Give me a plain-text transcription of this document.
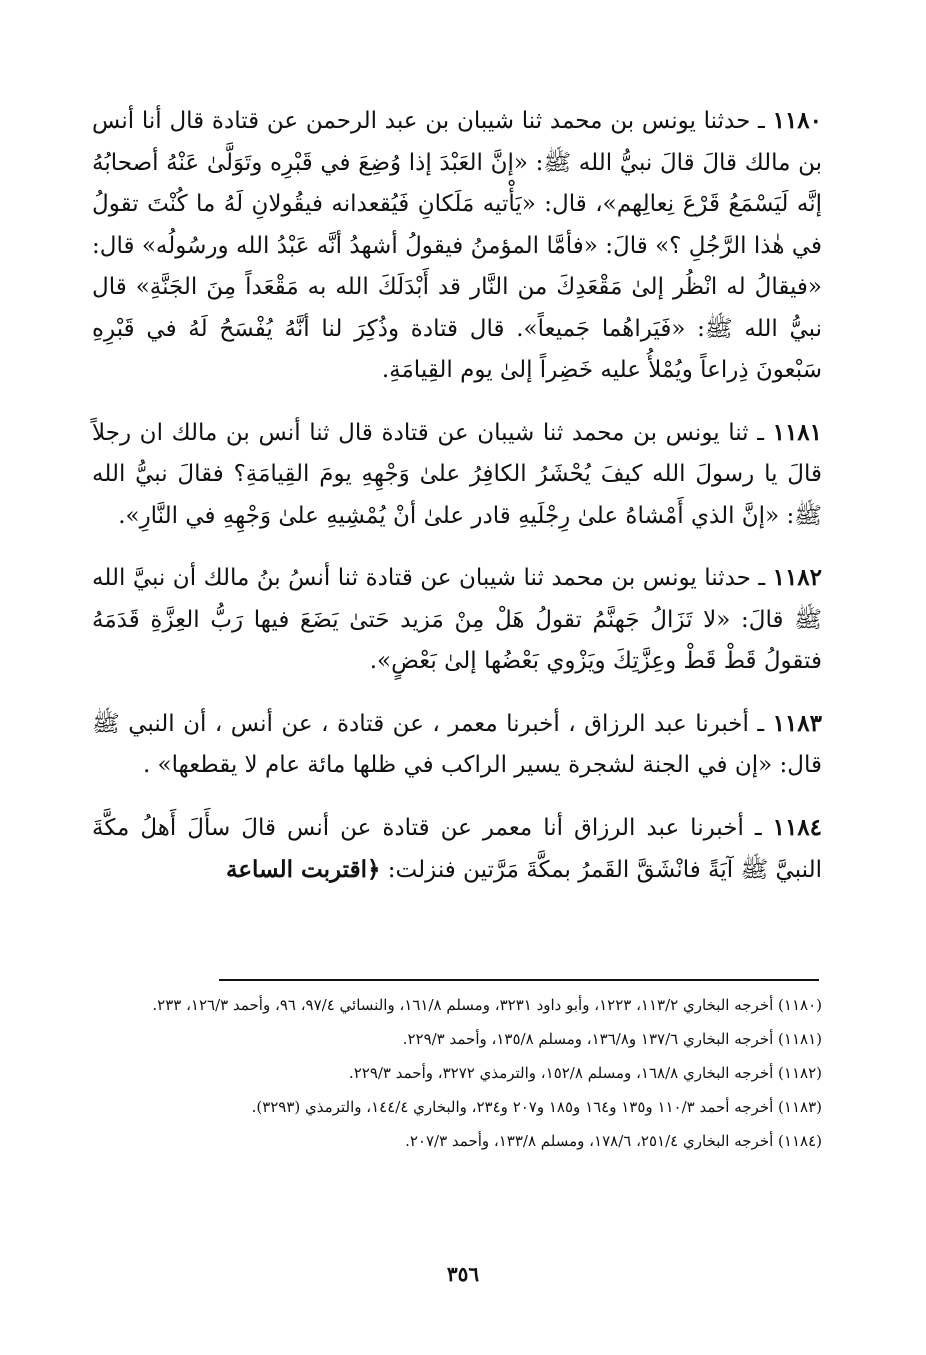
١١٨٠ ـ حدثنا يونس بن محمد ثنا شيبان بن عبد الرحمن عن قتادة قال أنا أنس بن مالك قالَ قالَ نبيُّ الله ﷺ: «إنَّ العَبْدَ إذا وُضِعَ في قَبْرِه وتَوَلَّىٰ عَنْهُ أصحابُهُ إنَّه لَيَسْمَعُ قَرْعَ نِعالِهم»، قال: «يَأْتيه مَلَكانِ فَيُقعدانه فيقُولانِ لَهُ ما كُنْتَ تقولُ في هٰذا الرَّجُلِ ؟» قالَ: «فأمَّا المؤمنُ فيقولُ أشهدُ أنَّه عَبْدُ الله ورسُولُه» قال: «فيقالُ له انْظُر إلىٰ مَقْعَدِكَ من النَّار قد أَبْدَلَكَ الله به مَقْعَداً مِنَ الجَنَّةِ» قال نبيُّ الله ﷺ: «فَيَراهُما جَميعاً». قال قتادة وذُكِرَ لنا أنَّهُ يُفْسَحُ لَهُ في قَبْرِهِ سَبْعونَ ذِراعاً ويُمْلأُ عليه خَضِراً إلىٰ يوم القِيامَةِ.

١١٨١ ـ ثنا يونس بن محمد ثنا شيبان عن قتادة قال ثنا أنس بن مالك ان رجلاً قالَ يا رسولَ الله كيفَ يُحْشَرُ الكافِرُ علىٰ وَجْهِهِ يومَ القِيامَةِ؟ فقالَ نبيُّ الله ﷺ: «إنَّ الذي أَمْشاهُ علىٰ رِجْلَيهِ قادر علىٰ أنْ يُمْشِيهِ علىٰ وَجْهِهِ في النَّارِ».

١١٨٢ ـ حدثنا يونس بن محمد ثنا شيبان عن قتادة ثنا أنسُ بنُ مالك أن نبيَّ الله ﷺ قالَ: «لا تَزَالُ جَهنَّمُ تقولُ هَلْ مِنْ مَزيد حَتىٰ يَضَعَ فيها رَبُّ العِزَّةِ قَدَمَهُ فتقولُ قَطْ قَطْ وعِزَّتِكَ ويَزْوي بَعْضُها إلىٰ بَعْضٍ».

١١٨٣ ـ أخبرنا عبد الرزاق ، أخبرنا معمر ، عن قتادة ، عن أنس ، أن النبي ﷺ قال: «إن في الجنة لشجرة يسير الراكب في ظلها مائة عام لا يقطعها» .

١١٨٤ ـ أخبرنا عبد الرزاق أنا معمر عن قتادة عن أنس قالَ سأَلَ أَهلُ مكَّةَ النبيَّ ﷺ آيَةً فانْشَقَّ القَمرُ بمكَّةَ مَرَّتين فنزلت: ﴿اقتربت الساعة

(١١٨٠) أخرجه البخاري ١١٣/٢، ١٢٢٣، وأبو داود ٣٢٣١، ومسلم ١٦١/٨، والنسائي ٩٧/٤، ٩٦، وأحمد ١٢٦/٣، ٢٣٣.

(١١٨١) أخرجه البخاري ١٣٧/٦ و١٣٦/٨، ومسلم ١٣٥/٨، وأحمد ٢٢٩/٣.

(١١٨٢) أخرجه البخاري ١٦٨/٨، ومسلم ١٥٢/٨، والترمذي ٣٢٧٢، وأحمد ٢٢٩/٣.

(١١٨٣) أخرجه أحمد ١١٠/٣ و١٣٥ و١٦٤ و١٨٥ و٢٠٧ و٢٣٤، والبخاري ١٤٤/٤، والترمذي (٣٢٩٣).

(١١٨٤) أخرجه البخاري ٢٥١/٤، ١٧٨/٦، ومسلم ١٣٣/٨، وأحمد ٢٠٧/٣.

٣٥٦
